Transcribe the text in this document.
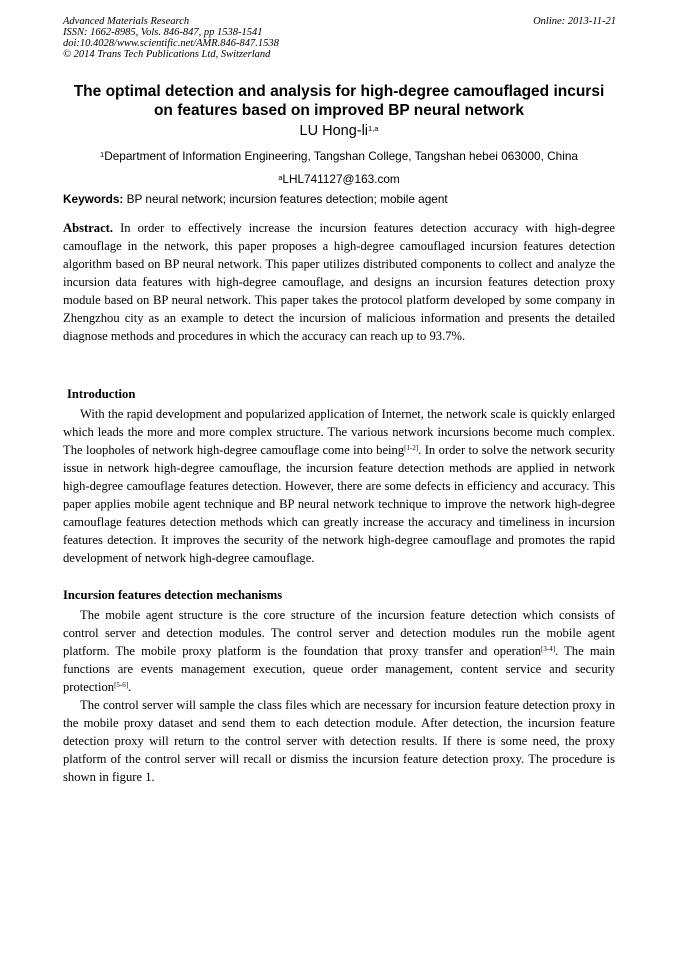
Advanced Materials Research
ISSN: 1662-8985, Vols. 846-847, pp 1538-1541
doi:10.4028/www.scientific.net/AMR.846-847.1538
© 2014 Trans Tech Publications Ltd, Switzerland
Online: 2013-11-21
The optimal detection and analysis for high-degree camouflaged incursi on features based on improved BP neural network
LU Hong-li$^{1,a}$
$^1$Department of Information Engineering, Tangshan College, Tangshan hebei 063000, China
$^a$LHL741127@163.com
Keywords: BP neural network; incursion features detection; mobile agent
Abstract. In order to effectively increase the incursion features detection accuracy with high-degree camouflage in the network, this paper proposes a high-degree camouflaged incursion features detection algorithm based on BP neural network. This paper utilizes distributed components to collect and analyze the incursion data features with high-degree camouflage, and designs an incursion features detection proxy module based on BP neural network. This paper takes the protocol platform developed by some company in Zhengzhou city as an example to detect the incursion of malicious information and presents the detailed diagnose methods and procedures in which the accuracy can reach up to 93.7%.
Introduction

With the rapid development and popularized application of Internet, the network scale is quickly enlarged which leads the more and more complex structure. The various network incursions become much complex. The loopholes of network high-degree camouflage come into being[1-2]. In order to solve the network security issue in network high-degree camouflage, the incursion feature detection methods are applied in network high-degree camouflage features detection. However, there are some defects in efficiency and accuracy. This paper applies mobile agent technique and BP neural network technique to improve the network high-degree camouflage features detection methods which can greatly increase the accuracy and timeliness in incursion features detection. It improves the security of the network high-degree camouflage and promotes the rapid development of network high-degree camouflage.

Incursion features detection mechanisms

The mobile agent structure is the core structure of the incursion feature detection which consists of control server and detection modules. The control server and detection modules run the mobile agent platform. The mobile proxy platform is the foundation that proxy transfer and operation[3-4]. The main functions are events management execution, queue order management, content service and security protection[5-6].

The control server will sample the class files which are necessary for incursion feature detection proxy in the mobile proxy dataset and send them to each detection module. After detection, the incursion feature detection proxy will return to the control server with detection results. If there is some need, the proxy platform of the control server will recall or dismiss the incursion feature detection proxy. The procedure is shown in figure 1.
